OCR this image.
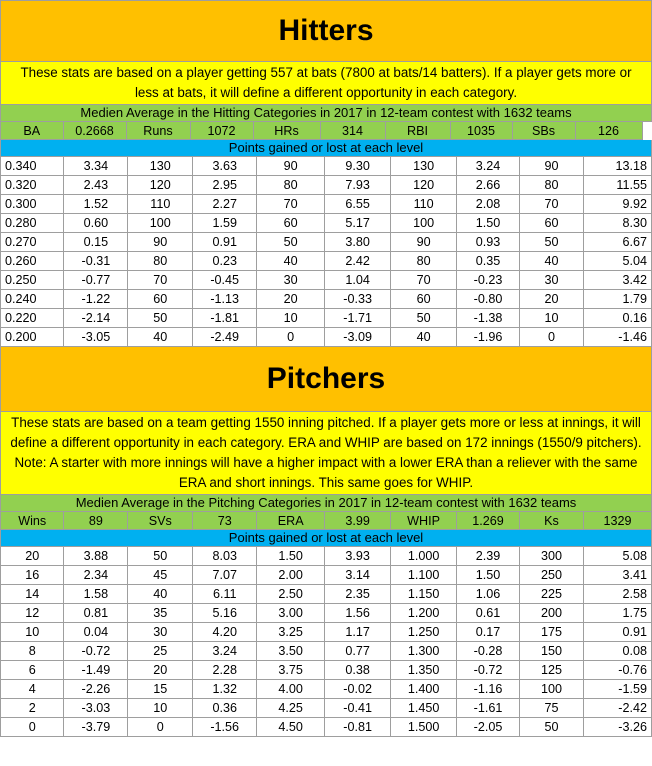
Hitters
These stats are based on a player getting 557 at bats (7800 at bats/14 batters). If a player gets more or less at bats, it will define a different opportunity in each category.
Medien Average in the Hitting Categories in 2017 in 12-team contest with 1632 teams
BA	0.2668	Runs	1072	HRs	314	RBI	1035	SBs	126
Points gained or lost at each level
0.340	3.34	130	3.63	90	9.30	130	3.24	90	13.18
0.320	2.43	120	2.95	80	7.93	120	2.66	80	11.55
0.300	1.52	110	2.27	70	6.55	110	2.08	70	9.92
0.280	0.60	100	1.59	60	5.17	100	1.50	60	8.30
0.270	0.15	90	0.91	50	3.80	90	0.93	50	6.67
0.260	-0.31	80	0.23	40	2.42	80	0.35	40	5.04
0.250	-0.77	70	-0.45	30	1.04	70	-0.23	30	3.42
0.240	-1.22	60	-1.13	20	-0.33	60	-0.80	20	1.79
0.220	-2.14	50	-1.81	10	-1.71	50	-1.38	10	0.16
0.200	-3.05	40	-2.49	0	-3.09	40	-1.96	0	-1.46
Pitchers
These stats are based on a team getting 1550 inning pitched. If a player gets more or less at innings, it will define a different opportunity in each category. ERA and WHIP are based on 172 innings (1550/9 pitchers). Note: A starter with more innings will have a higher impact with a lower ERA than a reliever with the same ERA and short innings. This same goes for WHIP.
Medien Average in the Pitching Categories in 2017 in 12-team contest with 1632 teams
Wins	89	SVs	73	ERA	3.99	WHIP	1.269	Ks	1329
Points gained or lost at each level
20	3.88	50	8.03	1.50	3.93	1.000	2.39	300	5.08
16	2.34	45	7.07	2.00	3.14	1.100	1.50	250	3.41
14	1.58	40	6.11	2.50	2.35	1.150	1.06	225	2.58
12	0.81	35	5.16	3.00	1.56	1.200	0.61	200	1.75
10	0.04	30	4.20	3.25	1.17	1.250	0.17	175	0.91
8	-0.72	25	3.24	3.50	0.77	1.300	-0.28	150	0.08
6	-1.49	20	2.28	3.75	0.38	1.350	-0.72	125	-0.76
4	-2.26	15	1.32	4.00	-0.02	1.400	-1.16	100	-1.59
2	-3.03	10	0.36	4.25	-0.41	1.450	-1.61	75	-2.42
0	-3.79	0	-1.56	4.50	-0.81	1.500	-2.05	50	-3.26
